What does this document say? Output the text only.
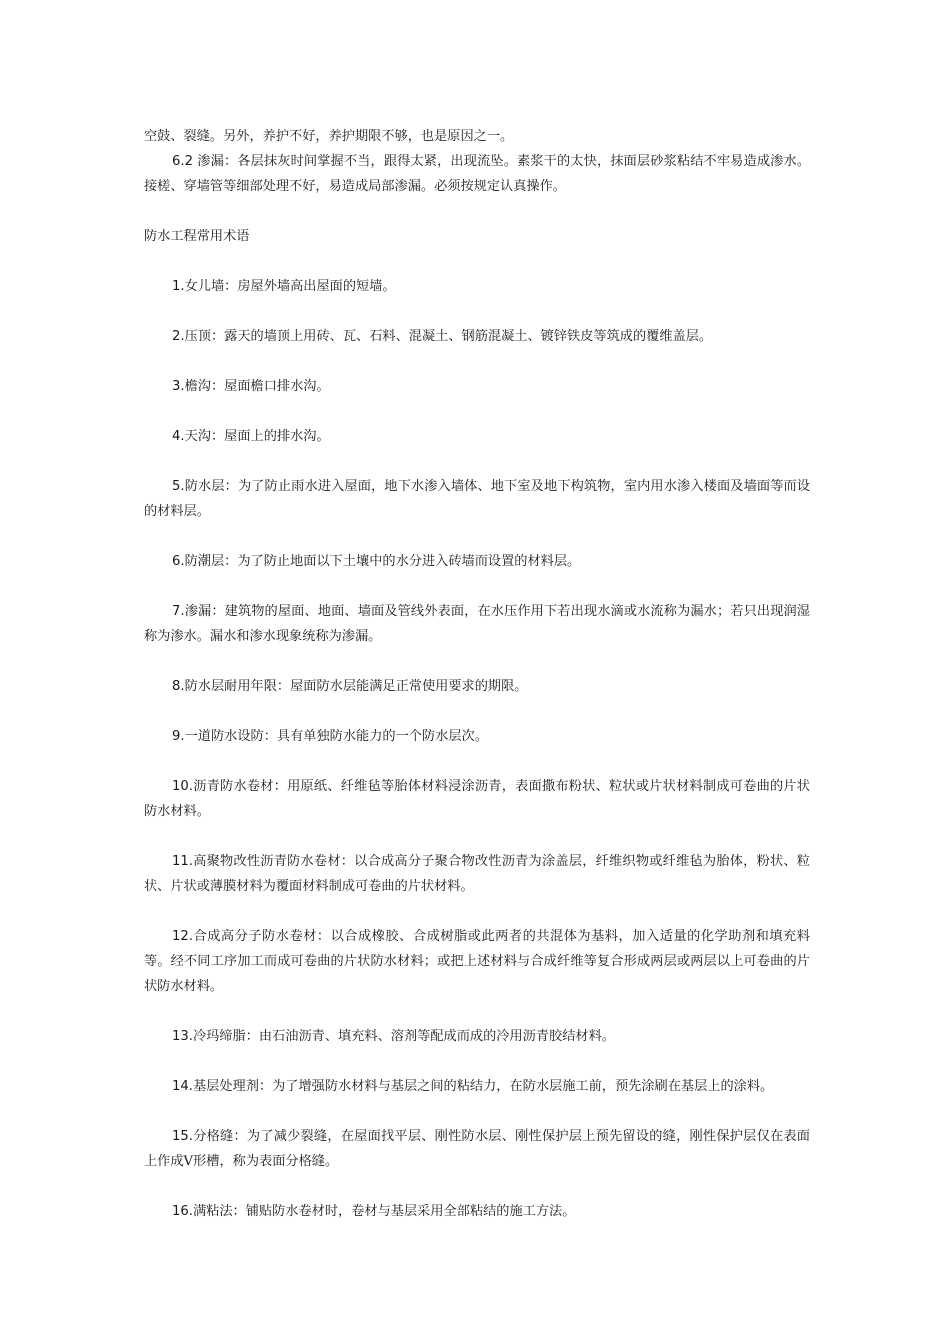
空鼓、裂缝。另外，养护不好，养护期限不够，也是原因之一。

6.2 渗漏：各层抹灰时间掌握不当，跟得太紧，出现流坠。素浆干的太快，抹面层砂浆粘结不牢易造成渗水。接槎、穿墙管等细部处理不好，易造成局部渗漏。必须按规定认真操作。

防水工程常用术语

1.女儿墙：房屋外墙高出屋面的短墙。

2.压顶：露天的墙顶上用砖、瓦、石料、混凝土、钢筋混凝土、镀锌铁皮等筑成的覆维盖层。

3.檐沟：屋面檐口排水沟。

4.天沟：屋面上的排水沟。

5.防水层：为了防止雨水进入屋面，地下水渗入墙体、地下室及地下构筑物，室内用水渗入楼面及墙面等而设的材料层。

6.防潮层：为了防止地面以下土壤中的水分进入砖墙而设置的材料层。

7.渗漏：建筑物的屋面、地面、墙面及管线外表面，在水压作用下若出现水滴或水流称为漏水；若只出现润湿称为渗水。漏水和渗水现象统称为渗漏。

8.防水层耐用年限：屋面防水层能满足正常使用要求的期限。

9.一道防水设防：具有单独防水能力的一个防水层次。

10.沥青防水卷材：用原纸、纤维毡等胎体材料浸涂沥青，表面撒布粉状、粒状或片状材料制成可卷曲的片状防水材料。

11.高聚物改性沥青防水卷材：以合成高分子聚合物改性沥青为涂盖层，纤维织物或纤维毡为胎体，粉状、粒状、片状或薄膜材料为覆面材料制成可卷曲的片状材料。

12.合成高分子防水卷材：以合成橡胶、合成树脂或此两者的共混体为基料，加入适量的化学助剂和填充料等。经不同工序加工而成可卷曲的片状防水材料；或把上述材料与合成纤维等复合形成两层或两层以上可卷曲的片状防水材料。

13.冷玛缔脂：由石油沥青、填充料、溶剂等配成而成的冷用沥青胶结材料。

14.基层处理剂：为了增强防水材料与基层之间的粘结力，在防水层施工前，预先涂刷在基层上的涂料。

15.分格缝：为了减少裂缝，在屋面找平层、刚性防水层、刚性保护层上预先留设的缝，刚性保护层仅在表面上作成V形槽，称为表面分格缝。

16.满粘法：铺贴防水卷材时，卷材与基层采用全部粘结的施工方法。
